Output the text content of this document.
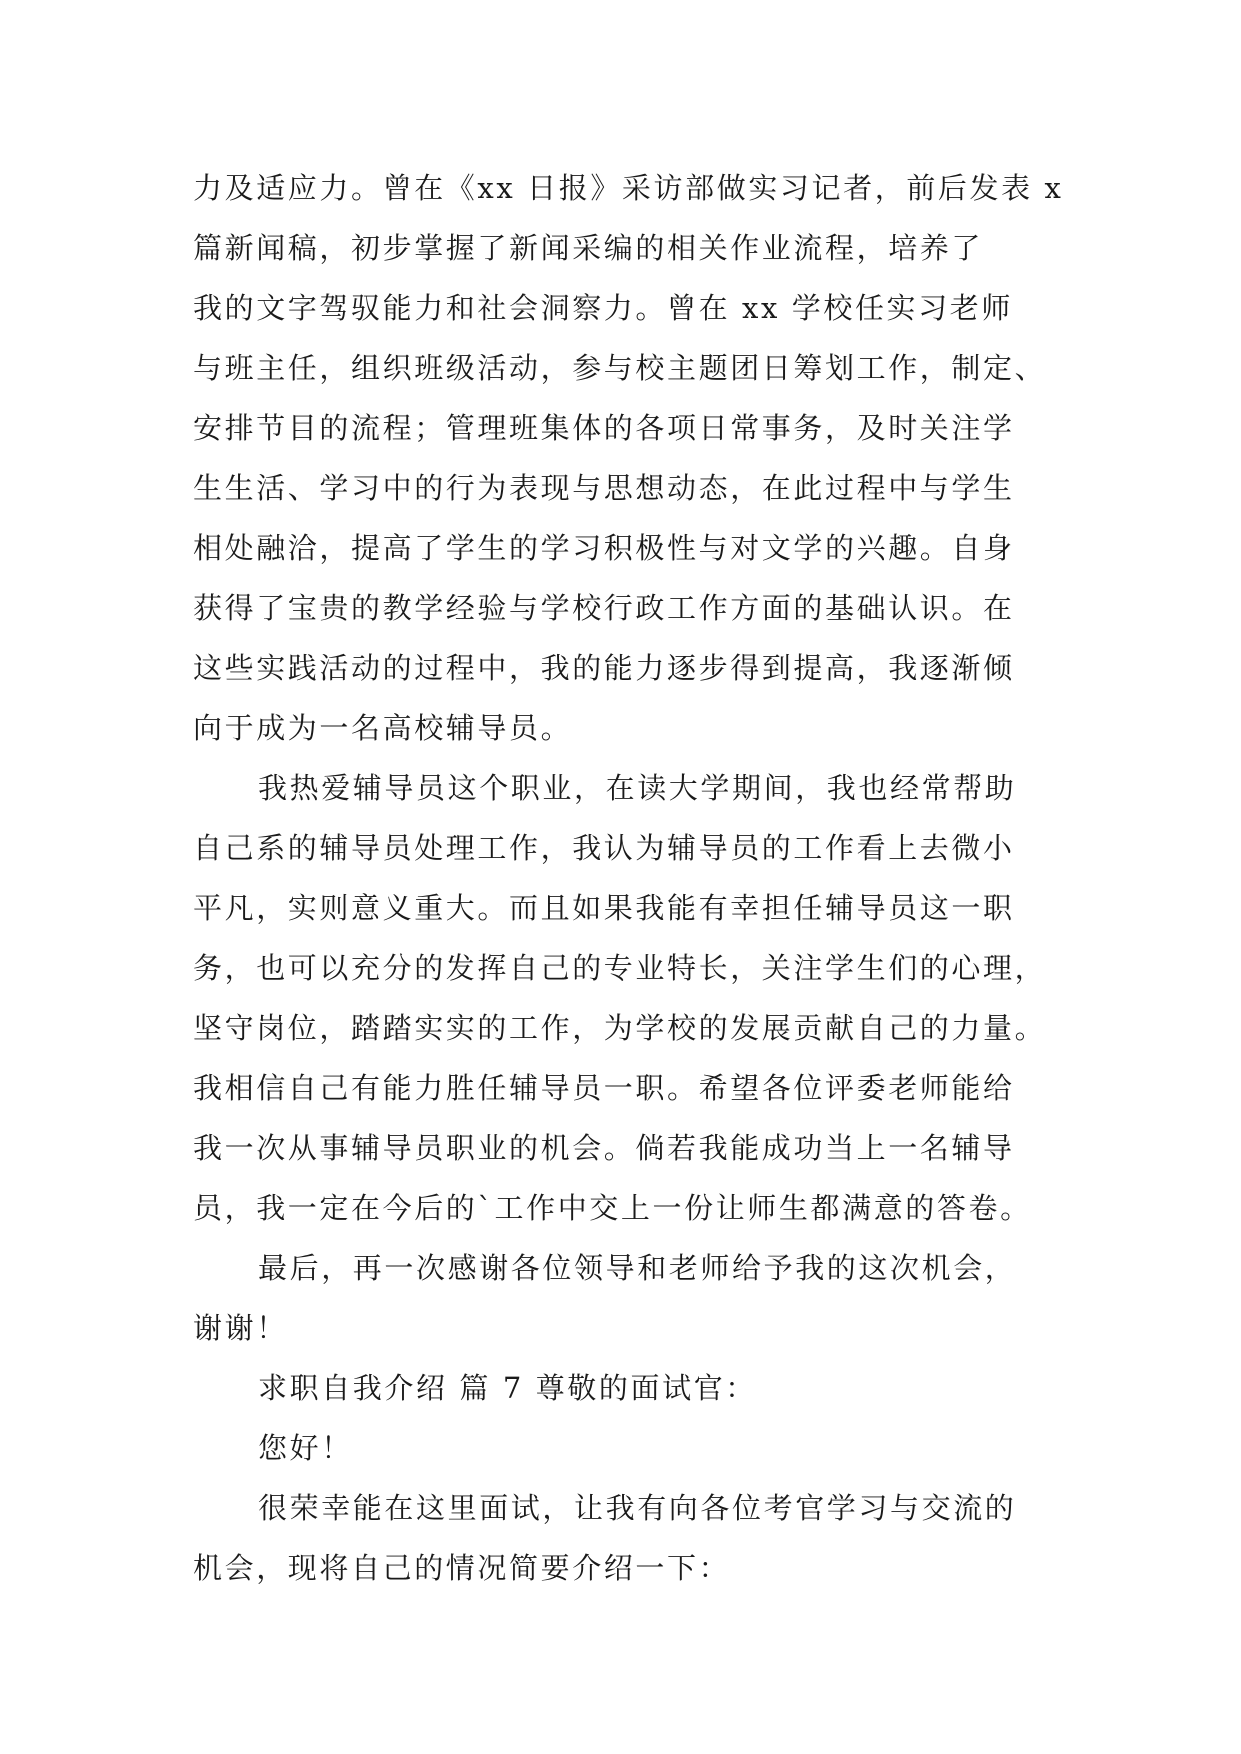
力及适应力。曾在《xx 日报》采访部做实习记者，前后发表 x
篇新闻稿，初步掌握了新闻采编的相关作业流程，培养了
我的文字驾驭能力和社会洞察力。曾在 xx 学校任实习老师
与班主任，组织班级活动，参与校主题团日筹划工作，制定、
安排节目的流程；管理班集体的各项日常事务，及时关注学
生生活、学习中的行为表现与思想动态，在此过程中与学生
相处融洽，提高了学生的学习积极性与对文学的兴趣。自身
获得了宝贵的教学经验与学校行政工作方面的基础认识。在
这些实践活动的过程中，我的能力逐步得到提高，我逐渐倾
向于成为一名高校辅导员。
我热爱辅导员这个职业，在读大学期间，我也经常帮助
自己系的辅导员处理工作，我认为辅导员的工作看上去微小
平凡，实则意义重大。而且如果我能有幸担任辅导员这一职
务，也可以充分的发挥自己的专业特长，关注学生们的心理，
坚守岗位，踏踏实实的工作，为学校的发展贡献自己的力量。
我相信自己有能力胜任辅导员一职。希望各位评委老师能给
我一次从事辅导员职业的机会。倘若我能成功当上一名辅导
员，我一定在今后的`工作中交上一份让师生都满意的答卷。
最后，再一次感谢各位领导和老师给予我的这次机会，
谢谢！
求职自我介绍 篇 7 尊敬的面试官：
您好！
很荣幸能在这里面试，让我有向各位考官学习与交流的
机会，现将自己的情况简要介绍一下：
